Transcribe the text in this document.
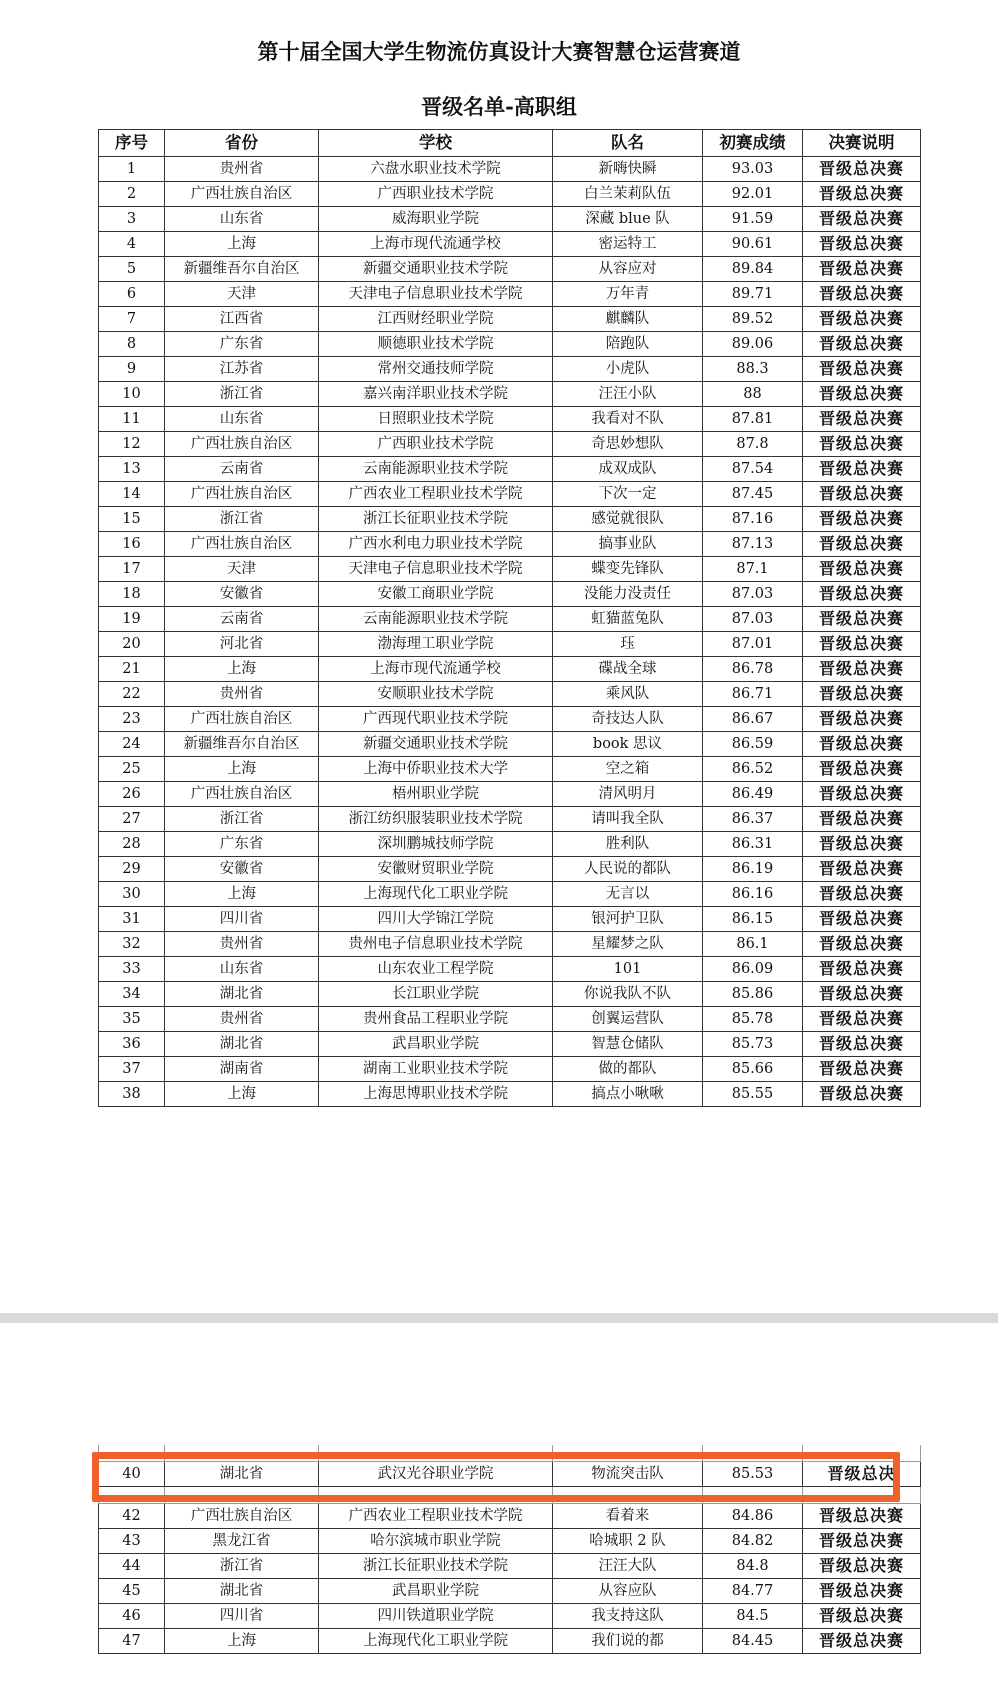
第十届全国大学生物流仿真设计大赛智慧仓运营赛道
晋级名单-高职组
序号	省份	学校	队名	初赛成绩	决赛说明
1	贵州省	六盘水职业技术学院	新嗨快瞬	93.03	晋级总决赛
2	广西壮族自治区	广西职业技术学院	白兰茉莉队伍	92.01	晋级总决赛
3	山东省	威海职业学院	深藏 blue 队	91.59	晋级总决赛
4	上海	上海市现代流通学校	密运特工	90.61	晋级总决赛
5	新疆维吾尔自治区	新疆交通职业技术学院	从容应对	89.84	晋级总决赛
6	天津	天津电子信息职业技术学院	万年青	89.71	晋级总决赛
7	江西省	江西财经职业学院	麒麟队	89.52	晋级总决赛
8	广东省	顺德职业技术学院	陪跑队	89.06	晋级总决赛
9	江苏省	常州交通技师学院	小虎队	88.3	晋级总决赛
10	浙江省	嘉兴南洋职业技术学院	汪汪小队	88	晋级总决赛
11	山东省	日照职业技术学院	我看对不队	87.81	晋级总决赛
12	广西壮族自治区	广西职业技术学院	奇思妙想队	87.8	晋级总决赛
13	云南省	云南能源职业技术学院	成双成队	87.54	晋级总决赛
14	广西壮族自治区	广西农业工程职业技术学院	下次一定	87.45	晋级总决赛
15	浙江省	浙江长征职业技术学院	感觉就很队	87.16	晋级总决赛
16	广西壮族自治区	广西水利电力职业技术学院	搞事业队	87.13	晋级总决赛
17	天津	天津电子信息职业技术学院	蝶变先锋队	87.1	晋级总决赛
18	安徽省	安徽工商职业学院	没能力没责任	87.03	晋级总决赛
19	云南省	云南能源职业技术学院	虹猫蓝兔队	87.03	晋级总决赛
20	河北省	渤海理工职业学院	珏	87.01	晋级总决赛
21	上海	上海市现代流通学校	碟战全球	86.78	晋级总决赛
22	贵州省	安顺职业技术学院	乘风队	86.71	晋级总决赛
23	广西壮族自治区	广西现代职业技术学院	奇技达人队	86.67	晋级总决赛
24	新疆维吾尔自治区	新疆交通职业技术学院	book 思议	86.59	晋级总决赛
25	上海	上海中侨职业技术大学	空之箱	86.52	晋级总决赛
26	广西壮族自治区	梧州职业学院	清风明月	86.49	晋级总决赛
27	浙江省	浙江纺织服装职业技术学院	请叫我全队	86.37	晋级总决赛
28	广东省	深圳鹏城技师学院	胜利队	86.31	晋级总决赛
29	安徽省	安徽财贸职业学院	人民说的都队	86.19	晋级总决赛
30	上海	上海现代化工职业学院	无言以	86.16	晋级总决赛
31	四川省	四川大学锦江学院	银河护卫队	86.15	晋级总决赛
32	贵州省	贵州电子信息职业技术学院	星耀梦之队	86.1	晋级总决赛
33	山东省	山东农业工程学院	101	86.09	晋级总决赛
34	湖北省	长江职业学院	你说我队不队	85.86	晋级总决赛
35	贵州省	贵州食品工程职业学院	创翼运营队	85.78	晋级总决赛
36	湖北省	武昌职业学院	智慧仓储队	85.73	晋级总决赛
37	湖南省	湖南工业职业技术学院	做的都队	85.66	晋级总决赛
38	上海	上海思博职业技术学院	搞点小啾啾	85.55	晋级总决赛

40	湖北省	武汉光谷职业学院	物流突击队	85.53	晋级总决

42	广西壮族自治区	广西农业工程职业技术学院	看着来	84.86	晋级总决赛
43	黑龙江省	哈尔滨城市职业学院	哈城职 2 队	84.82	晋级总决赛
44	浙江省	浙江长征职业技术学院	汪汪大队	84.8	晋级总决赛
45	湖北省	武昌职业学院	从容应队	84.77	晋级总决赛
46	四川省	四川铁道职业学院	我支持这队	84.5	晋级总决赛
47	上海	上海现代化工职业学院	我们说的都	84.45	晋级总决赛
